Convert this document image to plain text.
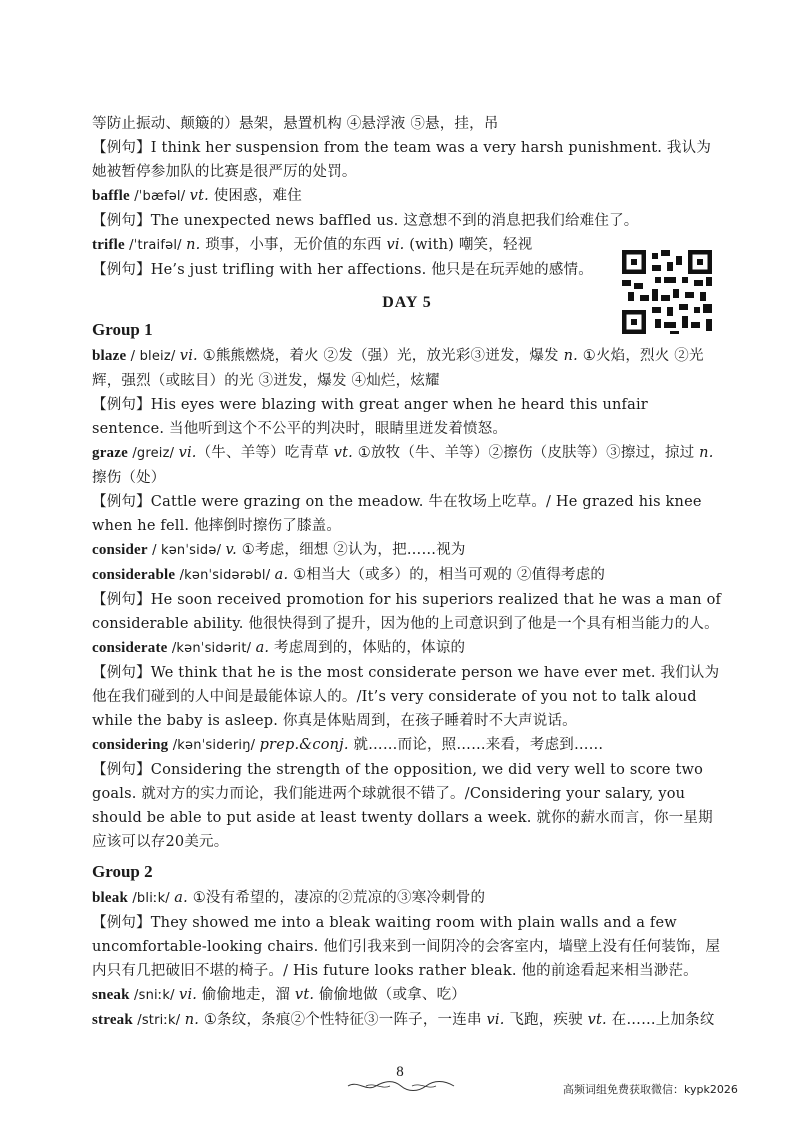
等防止振动、颠簸的）悬架，悬置机构 ④悬浮液 ⑤悬，挂，吊

【例句】I think her suspension from the team was a very harsh punishment. 我认为她被暂停参加队的比赛是很严厉的处罚。

baffle /ˈbæfəl/ vt. 使困惑，难住

【例句】The unexpected news baffled us. 这意想不到的消息把我们给难住了。

trifle /ˈtraifəl/ n. 琐事，小事，无价值的东西 vi. (with) 嘲笑，轻视

【例句】He’s just trifling with her affections. 他只是在玩弄她的感情。

DAY 5
Group 1

blaze / bleiz/ vi. ①熊熊燃烧，着火 ②发（强）光，放光彩③迸发，爆发 n. ①火焰，烈火 ②光辉，强烈（或眩目）的光 ③迸发，爆发 ④灿烂，炫耀

【例句】His eyes were blazing with great anger when he heard this unfair sentence. 当他听到这个不公平的判决时，眼睛里迸发着愤怒。

graze /greiz/ vi.（牛、羊等）吃青草 vt. ①放牧（牛、羊等）②擦伤（皮肤等）③擦过，掠过 n. 擦伤（处）

【例句】Cattle were grazing on the meadow. 牛在牧场上吃草。/ He grazed his knee when he fell. 他摔倒时擦伤了膝盖。

consider / kənˈsidə/ v. ①考虑，细想 ②认为，把……视为

considerable /kənˈsidərəbl/ a. ①相当大（或多）的，相当可观的 ②值得考虑的

【例句】He soon received promotion for his superiors realized that he was a man of considerable ability. 他很快得到了提升，因为他的上司意识到了他是一个具有相当能力的人。

considerate /kənˈsidərit/ a. 考虑周到的，体贴的，体谅的

【例句】We think that he is the most considerate person we have ever met. 我们认为他在我们碰到的人中间是最能体谅人的。/It’s very considerate of you not to talk aloud while the baby is asleep. 你真是体贴周到，在孩子睡着时不大声说话。

considering /kənˈsideriŋ/ prep.&conj. 就……而论，照……来看，考虑到……

【例句】Considering the strength of the opposition, we did very well to score two goals. 就对方的实力而论，我们能进两个球就很不错了。/Considering your salary, you should be able to put aside at least twenty dollars a week. 就你的薪水而言，你一星期应该可以存20美元。

Group 2

bleak /bliːk/ a. ①没有希望的，凄凉的②荒凉的③寒冷刺骨的

【例句】They showed me into a bleak waiting room with plain walls and a few uncomfortable-looking chairs. 他们引我来到一间阴冷的会客室内，墙壁上没有任何装饰，屋内只有几把破旧不堪的椅子。/ His future looks rather bleak. 他的前途看起来相当渺茫。

sneak /sniːk/ vi. 偷偷地走，溜 vt. 偷偷地做（或拿、吃）

streak /striːk/ n. ①条纹，条痕②个性特征③一阵子，一连串 vi. 飞跑，疾驶 vt. 在……上加条纹

8
高频词组免费获取微信：kypk2026
